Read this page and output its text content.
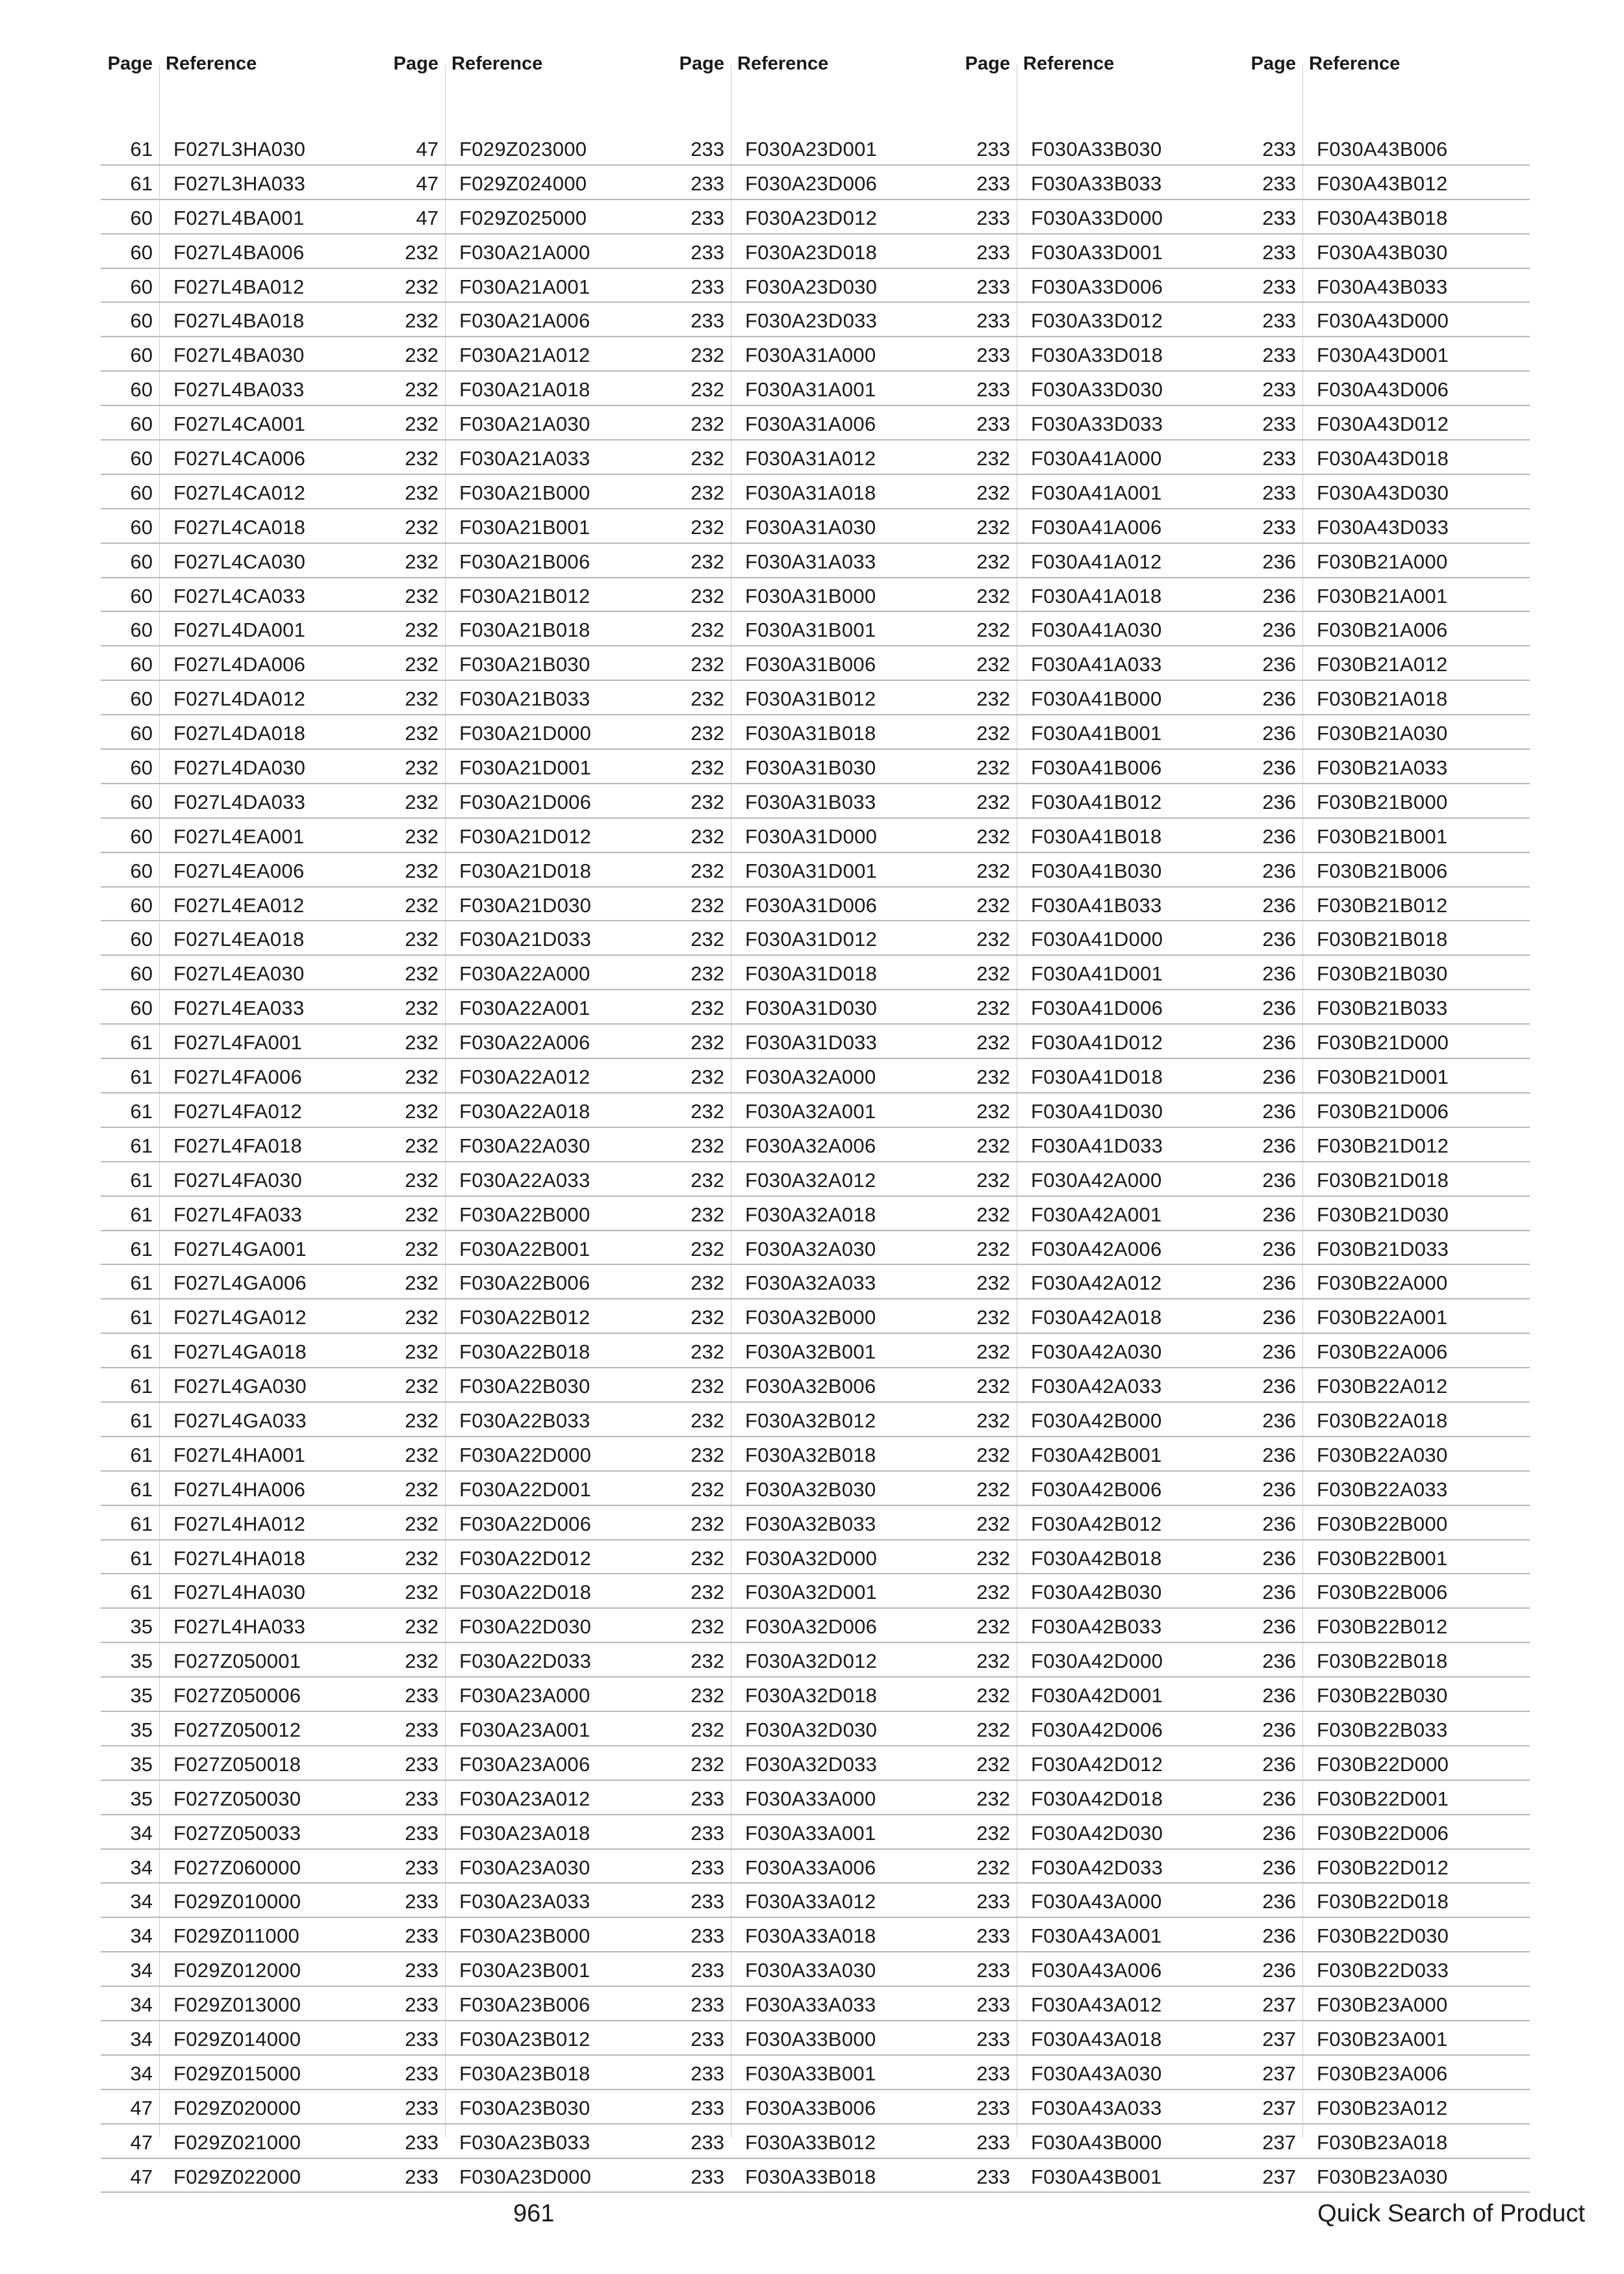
Page Reference
61 F027L3HA030
61 F027L3HA033
60 F027L4BA001
60 F027L4BA006
60 F027L4BA012
60 F027L4BA018
60 F027L4BA030
60 F027L4BA033
60 F027L4CA001
60 F027L4CA006
60 F027L4CA012
60 F027L4CA018
60 F027L4CA030
60 F027L4CA033
60 F027L4DA001
60 F027L4DA006
60 F027L4DA012
60 F027L4DA018
60 F027L4DA030
60 F027L4DA033
60 F027L4EA001
60 F027L4EA006
60 F027L4EA012
60 F027L4EA018
60 F027L4EA030
60 F027L4EA033
61 F027L4FA001
61 F027L4FA006
61 F027L4FA012
61 F027L4FA018
61 F027L4FA030
61 F027L4FA033
61 F027L4GA001
61 F027L4GA006
61 F027L4GA012
61 F027L4GA018
61 F027L4GA030
61 F027L4GA033
61 F027L4HA001
61 F027L4HA006
61 F027L4HA012
61 F027L4HA018
61 F027L4HA030
35 F027L4HA033
35 F027Z050001
35 F027Z050006
35 F027Z050012
35 F027Z050018
35 F027Z050030
34 F027Z050033
34 F027Z060000
34 F029Z010000
34 F029Z011000
34 F029Z012000
34 F029Z013000
34 F029Z014000
34 F029Z015000
47 F029Z020000
47 F029Z021000
47 F029Z022000
Page Reference
47 F029Z023000
47 F029Z024000
47 F029Z025000
232 F030A21A000
232 F030A21A001
232 F030A21A006
232 F030A21A012
232 F030A21A018
232 F030A21A030
232 F030A21A033
232 F030A21B000
232 F030A21B001
232 F030A21B006
232 F030A21B012
232 F030A21B018
232 F030A21B030
232 F030A21B033
232 F030A21D000
232 F030A21D001
232 F030A21D006
232 F030A21D012
232 F030A21D018
232 F030A21D030
232 F030A21D033
232 F030A22A000
232 F030A22A001
232 F030A22A006
232 F030A22A012
232 F030A22A018
232 F030A22A030
232 F030A22A033
232 F030A22B000
232 F030A22B001
232 F030A22B006
232 F030A22B012
232 F030A22B018
232 F030A22B030
232 F030A22B033
232 F030A22D000
232 F030A22D001
232 F030A22D006
232 F030A22D012
232 F030A22D018
232 F030A22D030
232 F030A22D033
233 F030A23A000
233 F030A23A001
233 F030A23A006
233 F030A23A012
233 F030A23A018
233 F030A23A030
233 F030A23A033
233 F030A23B000
233 F030A23B001
233 F030A23B006
233 F030A23B012
233 F030A23B018
233 F030A23B030
233 F030A23B033
233 F030A23D000
Page Reference
233 F030A23D001
233 F030A23D006
233 F030A23D012
233 F030A23D018
233 F030A23D030
233 F030A23D033
232 F030A31A000
232 F030A31A001
232 F030A31A006
232 F030A31A012
232 F030A31A018
232 F030A31A030
232 F030A31A033
232 F030A31B000
232 F030A31B001
232 F030A31B006
232 F030A31B012
232 F030A31B018
232 F030A31B030
232 F030A31B033
232 F030A31D000
232 F030A31D001
232 F030A31D006
232 F030A31D012
232 F030A31D018
232 F030A31D030
232 F030A31D033
232 F030A32A000
232 F030A32A001
232 F030A32A006
232 F030A32A012
232 F030A32A018
232 F030A32A030
232 F030A32A033
232 F030A32B000
232 F030A32B001
232 F030A32B006
232 F030A32B012
232 F030A32B018
232 F030A32B030
232 F030A32B033
232 F030A32D000
232 F030A32D001
232 F030A32D006
232 F030A32D012
232 F030A32D018
232 F030A32D030
232 F030A32D033
233 F030A33A000
233 F030A33A001
233 F030A33A006
233 F030A33A012
233 F030A33A018
233 F030A33A030
233 F030A33A033
233 F030A33B000
233 F030A33B001
233 F030A33B006
233 F030A33B012
233 F030A33B018
Page Reference
233 F030A33B030
233 F030A33B033
233 F030A33D000
233 F030A33D001
233 F030A33D006
233 F030A33D012
233 F030A33D018
233 F030A33D030
233 F030A33D033
232 F030A41A000
232 F030A41A001
232 F030A41A006
232 F030A41A012
232 F030A41A018
232 F030A41A030
232 F030A41A033
232 F030A41B000
232 F030A41B001
232 F030A41B006
232 F030A41B012
232 F030A41B018
232 F030A41B030
232 F030A41B033
232 F030A41D000
232 F030A41D001
232 F030A41D006
232 F030A41D012
232 F030A41D018
232 F030A41D030
232 F030A41D033
232 F030A42A000
232 F030A42A001
232 F030A42A006
232 F030A42A012
232 F030A42A018
232 F030A42A030
232 F030A42A033
232 F030A42B000
232 F030A42B001
232 F030A42B006
232 F030A42B012
232 F030A42B018
232 F030A42B030
232 F030A42B033
232 F030A42D000
232 F030A42D001
232 F030A42D006
232 F030A42D012
232 F030A42D018
232 F030A42D030
232 F030A42D033
233 F030A43A000
233 F030A43A001
233 F030A43A006
233 F030A43A012
233 F030A43A018
233 F030A43A030
233 F030A43A033
233 F030A43B000
233 F030A43B001
Page Reference
233 F030A43B006
233 F030A43B012
233 F030A43B018
233 F030A43B030
233 F030A43B033
233 F030A43D000
233 F030A43D001
233 F030A43D006
233 F030A43D012
233 F030A43D018
233 F030A43D030
233 F030A43D033
236 F030B21A000
236 F030B21A001
236 F030B21A006
236 F030B21A012
236 F030B21A018
236 F030B21A030
236 F030B21A033
236 F030B21B000
236 F030B21B001
236 F030B21B006
236 F030B21B012
236 F030B21B018
236 F030B21B030
236 F030B21B033
236 F030B21D000
236 F030B21D001
236 F030B21D006
236 F030B21D012
236 F030B21D018
236 F030B21D030
236 F030B21D033
236 F030B22A000
236 F030B22A001
236 F030B22A006
236 F030B22A012
236 F030B22A018
236 F030B22A030
236 F030B22A033
236 F030B22B000
236 F030B22B001
236 F030B22B006
236 F030B22B012
236 F030B22B018
236 F030B22B030
236 F030B22B033
236 F030B22D000
236 F030B22D001
236 F030B22D006
236 F030B22D012
236 F030B22D018
236 F030B22D030
236 F030B22D033
237 F030B23A000
237 F030B23A001
237 F030B23A006
237 F030B23A012
237 F030B23A018
237 F030B23A030
961	Quick Search of Product
